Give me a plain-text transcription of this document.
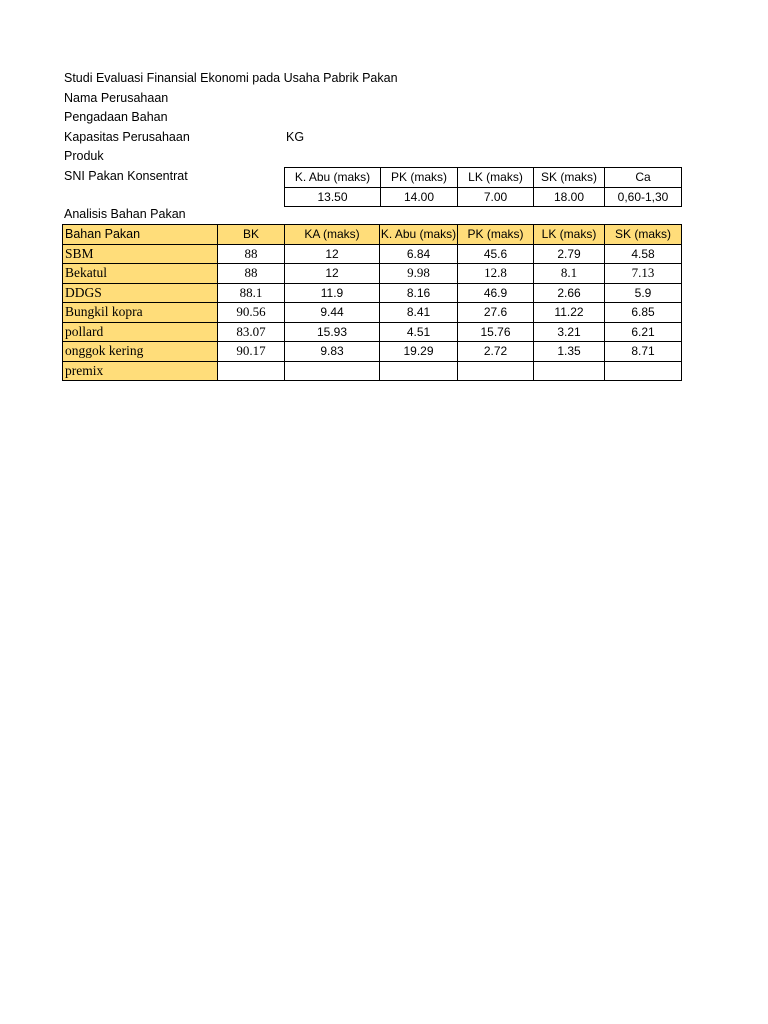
Studi Evaluasi Finansial Ekonomi pada Usaha Pabrik Pakan
Nama Perusahaan
Pengadaan Bahan
Kapasitas Perusahaan	KG
Produk
SNI Pakan Konsentrat	K. Abu (maks)	PK (maks)	LK (maks)	SK (maks)	Ca
13.50	14.00	7.00	18.00	0,60-1,30
Analisis Bahan Pakan
Bahan Pakan	BK	KA (maks)	K. Abu (maks)	PK (maks)	LK (maks)	SK (maks)
SBM	88	12	6.84	45.6	2.79	4.58
Bekatul	88	12	9.98	12.8	8.1	7.13
DDGS	88.1	11.9	8.16	46.9	2.66	5.9
Bungkil kopra	90.56	9.44	8.41	27.6	11.22	6.85
pollard	83.07	15.93	4.51	15.76	3.21	6.21
onggok kering	90.17	9.83	19.29	2.72	1.35	8.71
premix						
